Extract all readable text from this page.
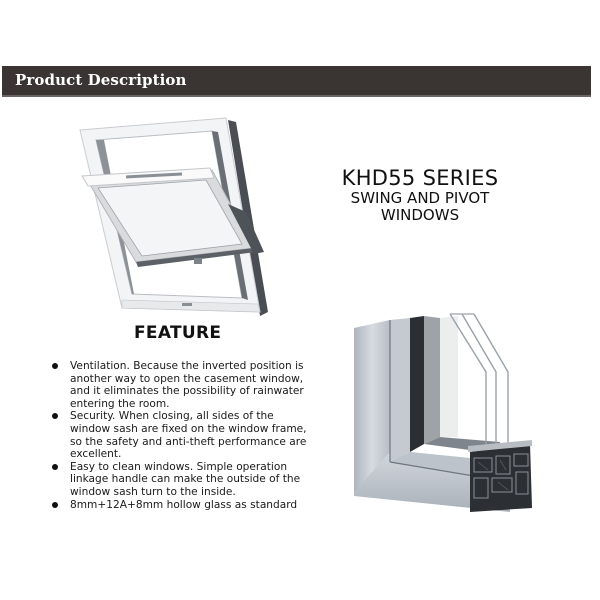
Product Description
KHD55 SERIES
SWING AND PIVOT
WINDOWS
FEATURE
Ventilation. Because the inverted position is another way to open the casement window, and it eliminates the possibility of rainwater entering the room.
Security. When closing, all sides of the window sash are fixed on the window frame, so the safety and anti-theft performance are excellent.
Easy to clean windows. Simple operation linkage handle can make the outside of the window sash turn to the inside.
8mm+12A+8mm hollow glass as standard
